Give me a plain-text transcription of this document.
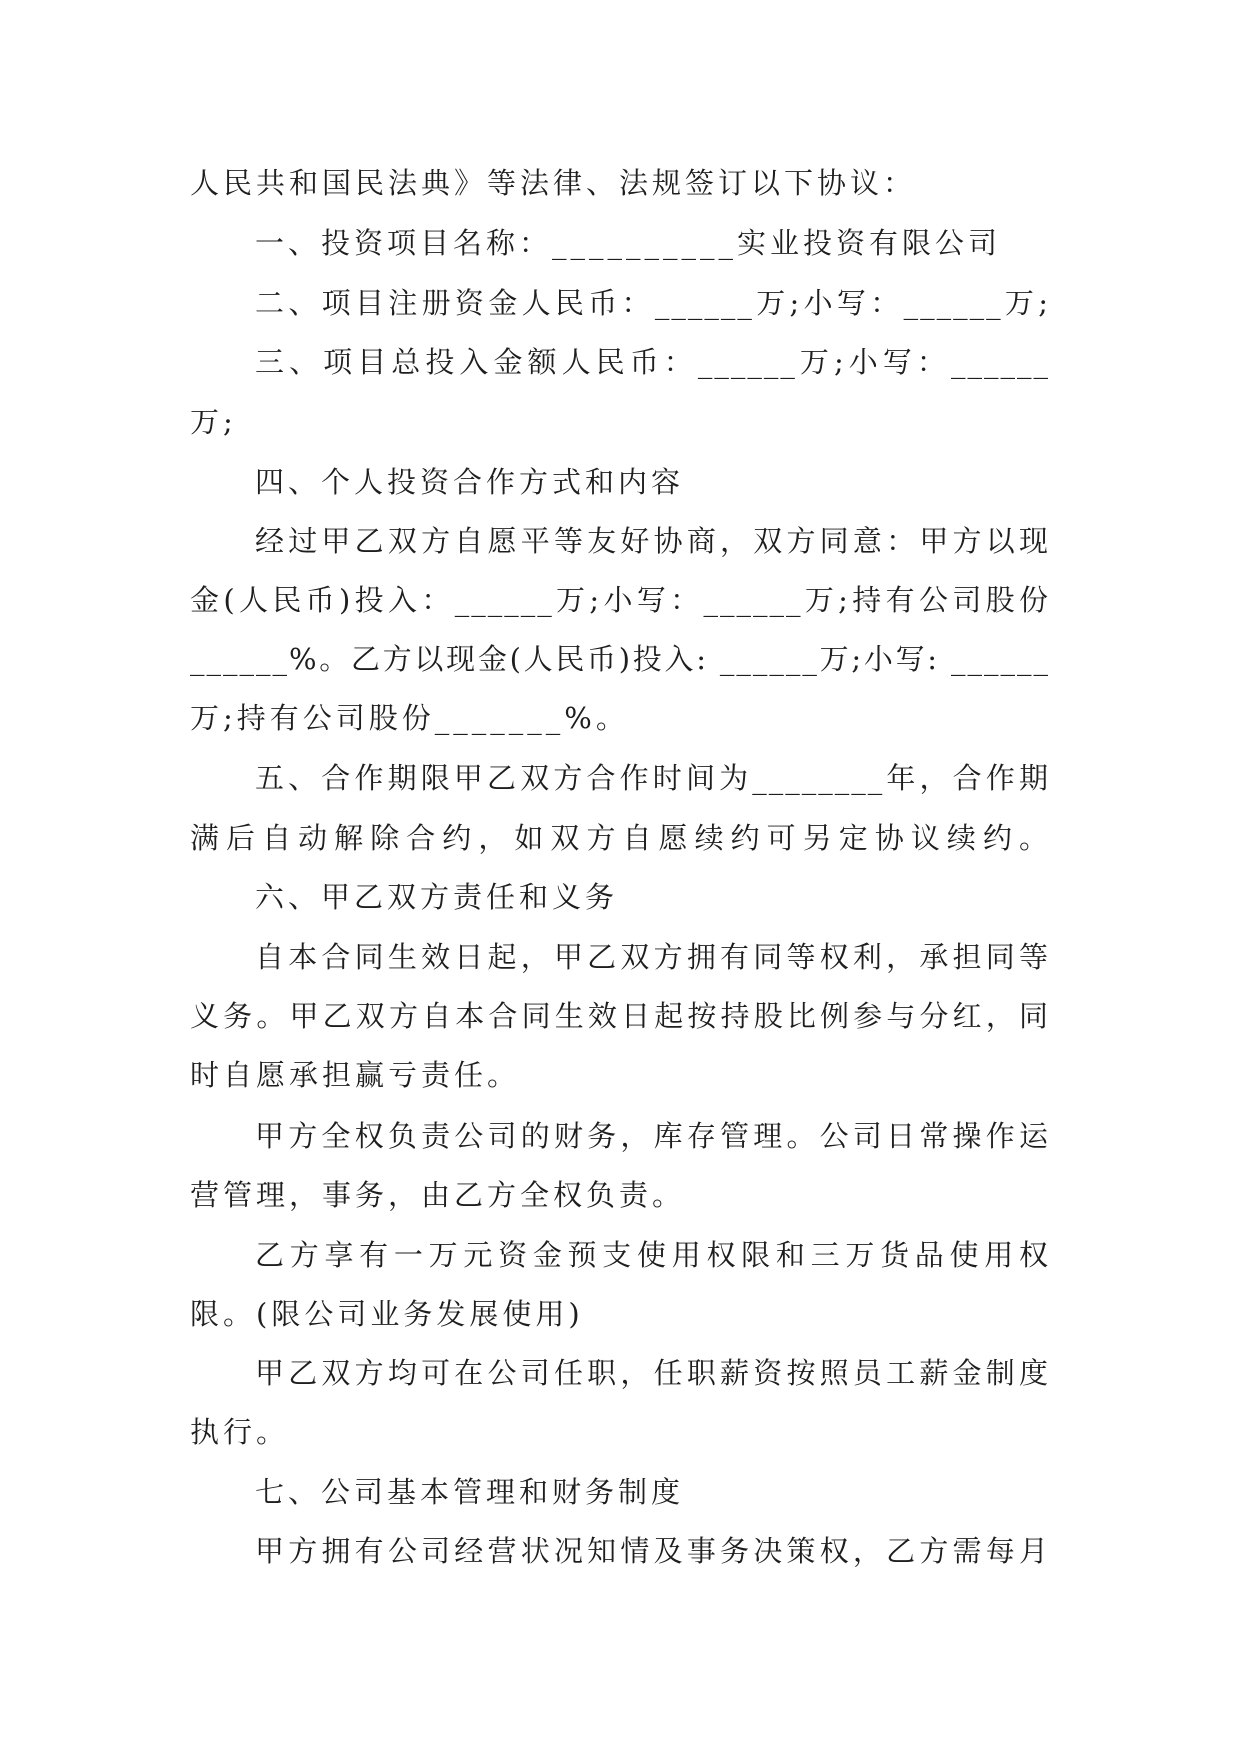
人民共和国民法典》等法律、法规签订以下协议：
一、投资项目名称：__________实业投资有限公司
二、项目注册资金人民币：______万;小写：______万;
三、项目总投入金额人民币：______万;小写：______
万;
四、个人投资合作方式和内容
经过甲乙双方自愿平等友好协商，双方同意：甲方以现
金(人民币)投入：______万;小写：______万;持有公司股份
______%。乙方以现金(人民币)投入: ______万;小写: ______
万;持有公司股份_______%。
五、合作期限甲乙双方合作时间为________年，合作期
满后自动解除合约，如双方自愿续约可另定协议续约。
六、甲乙双方责任和义务
自本合同生效日起，甲乙双方拥有同等权利，承担同等
义务。甲乙双方自本合同生效日起按持股比例参与分红，同
时自愿承担赢亏责任。
甲方全权负责公司的财务，库存管理。公司日常操作运
营管理，事务，由乙方全权负责。
乙方享有一万元资金预支使用权限和三万货品使用权
限。(限公司业务发展使用)
甲乙双方均可在公司任职，任职薪资按照员工薪金制度
执行。
七、公司基本管理和财务制度
甲方拥有公司经营状况知情及事务决策权，乙方需每月
